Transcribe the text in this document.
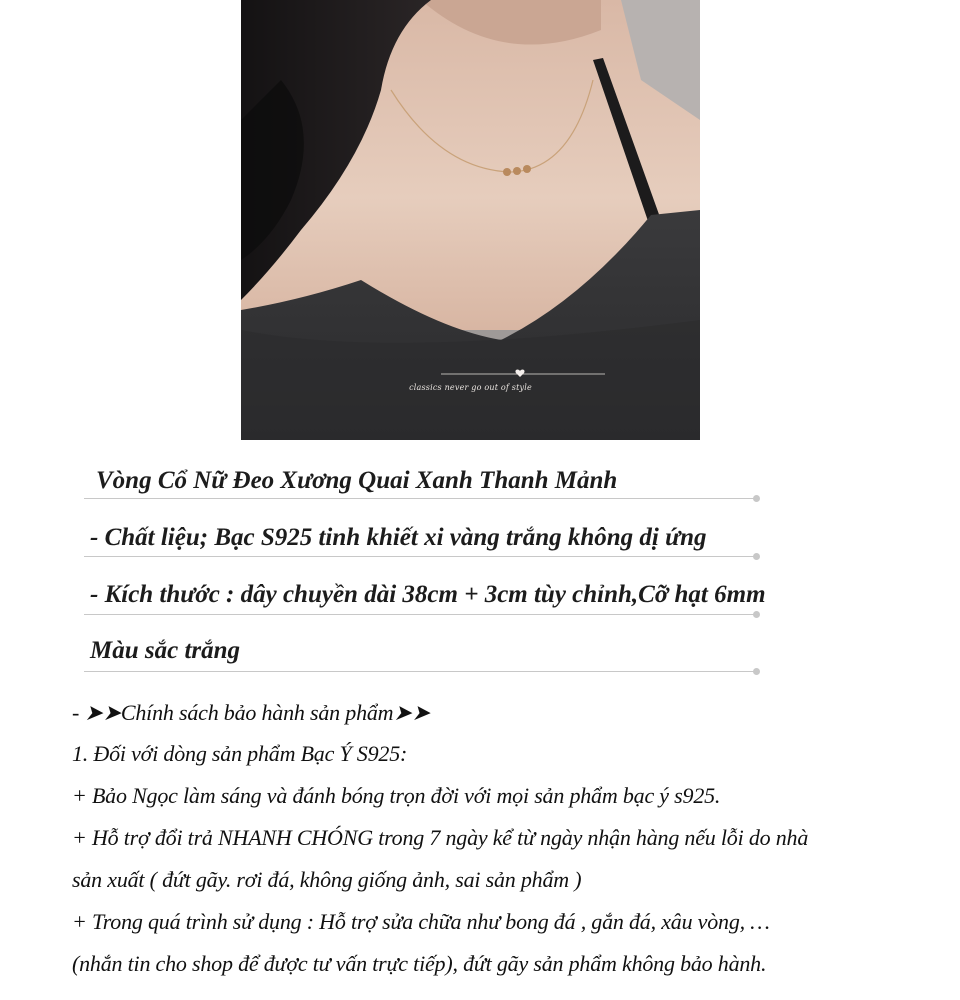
classics never go out of style
Vòng Cổ Nữ Đeo Xương Quai Xanh Thanh Mảnh
- Chất liệu; Bạc S925 tinh khiết xi vàng trắng không dị ứng
- Kích thước : dây chuyền dài 38cm + 3cm tùy chỉnh,Cỡ hạt 6mm
Màu sắc trắng
- ➤➤Chính sách bảo hành sản phẩm➤➤
1. Đối với dòng sản phẩm Bạc Ý S925:
+ Bảo Ngọc làm sáng và đánh bóng trọn đời với mọi sản phẩm bạc ý s925.
+ Hỗ trợ đổi trả NHANH CHÓNG trong 7 ngày kể từ ngày nhận hàng nếu lỗi do nhà
sản xuất ( đứt gãy. rơi đá, không giống ảnh, sai sản phẩm )
+ Trong quá trình sử dụng : Hỗ trợ sửa chữa như bong đá , gắn đá, xâu vòng, …
(nhắn tin cho shop để được tư vấn trực tiếp), đứt gãy sản phẩm không bảo hành.
